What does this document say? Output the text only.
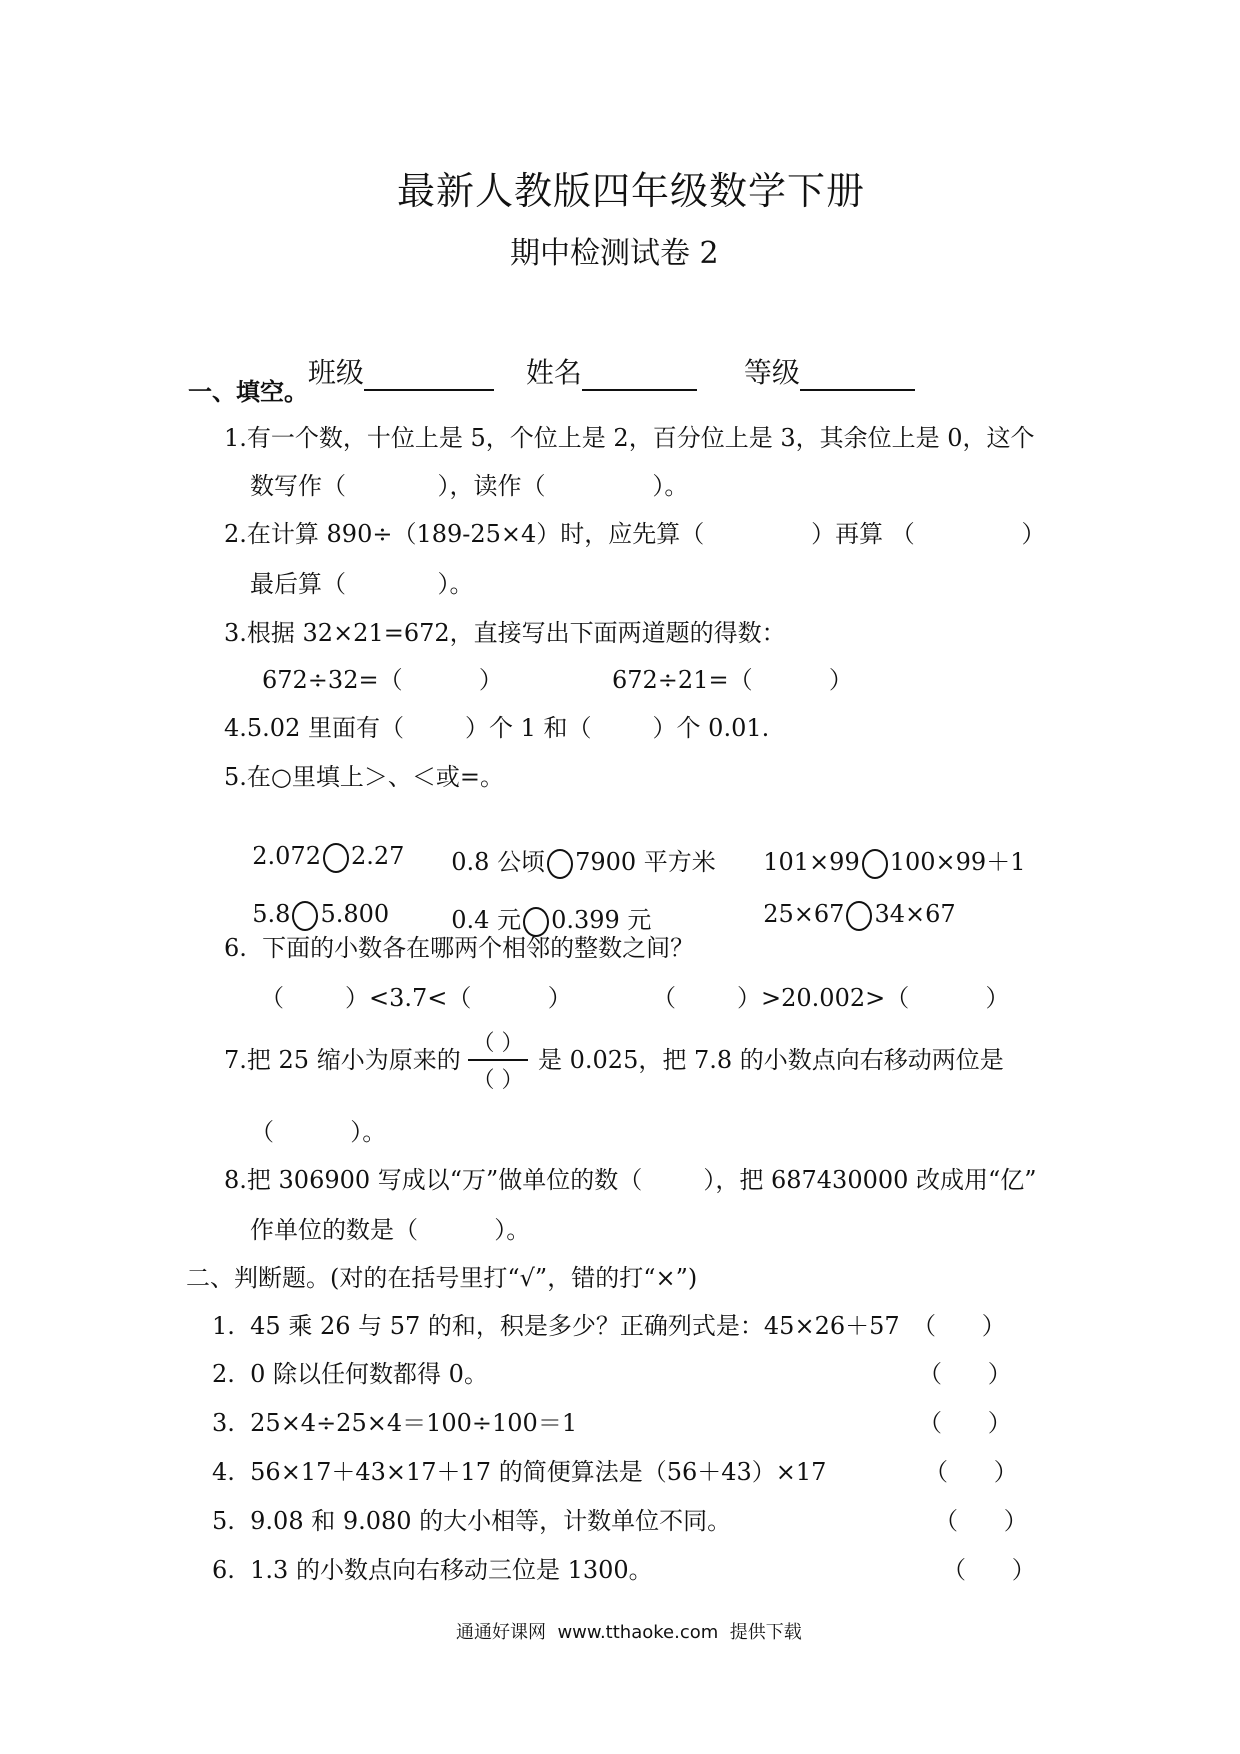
最新人教版四年级数学下册
期中检测试卷 2

班级	姓名	等级

一、填空。
1.有一个数，十位上是 5，个位上是 2，百分位上是 3，其余位上是 0，这个
数写作（            ），读作（              ）。
2.在计算 890÷（189-25×4）时，应先算（              ）再算 （              ）
最后算（            ）。
3.根据 32×21=672，直接写出下面两道题的得数：
672÷32=（          ）	672÷21=（          ）
4.5.02 里面有（        ）个 1 和（        ）个 0.01.
5.在○里填上＞、＜或=。

2.072 2.27	0.8 公顷 7900 平方米	101×99 100×99＋1

5.8 5.800	0.4 元 0.399 元	25×67 34×67

6.  下面的小数各在哪两个相邻的整数之间？
（        ）<3.7<（          ）	（        ）>20.002>（          ）
7.把 25 缩小为原来的
（ ）
（ ）
是 0.025，把 7.8 的小数点向右移动两位是
（          ）。
8.把 306900 写成以“万”做单位的数（        ），把 687430000 改成用“亿”
作单位的数是（          ）。
二、判断题。(对的在括号里打“√”，错的打“×”)
1.  45 乘 26 与 57 的和，积是多少？正确列式是：45×26＋57 （      ）
2.  0 除以任何数都得 0。	（      ）
3.  25×4÷25×4＝100÷100＝1	（      ）
4.  56×17＋43×17＋17 的简便算法是（56＋43）×17	（      ）
5.  9.08 和 9.080 的大小相等，计数单位不同。	（      ）
6.  1.3 的小数点向右移动三位是 1300。	（      ）
通通好课网  www.tthaoke.com  提供下载
